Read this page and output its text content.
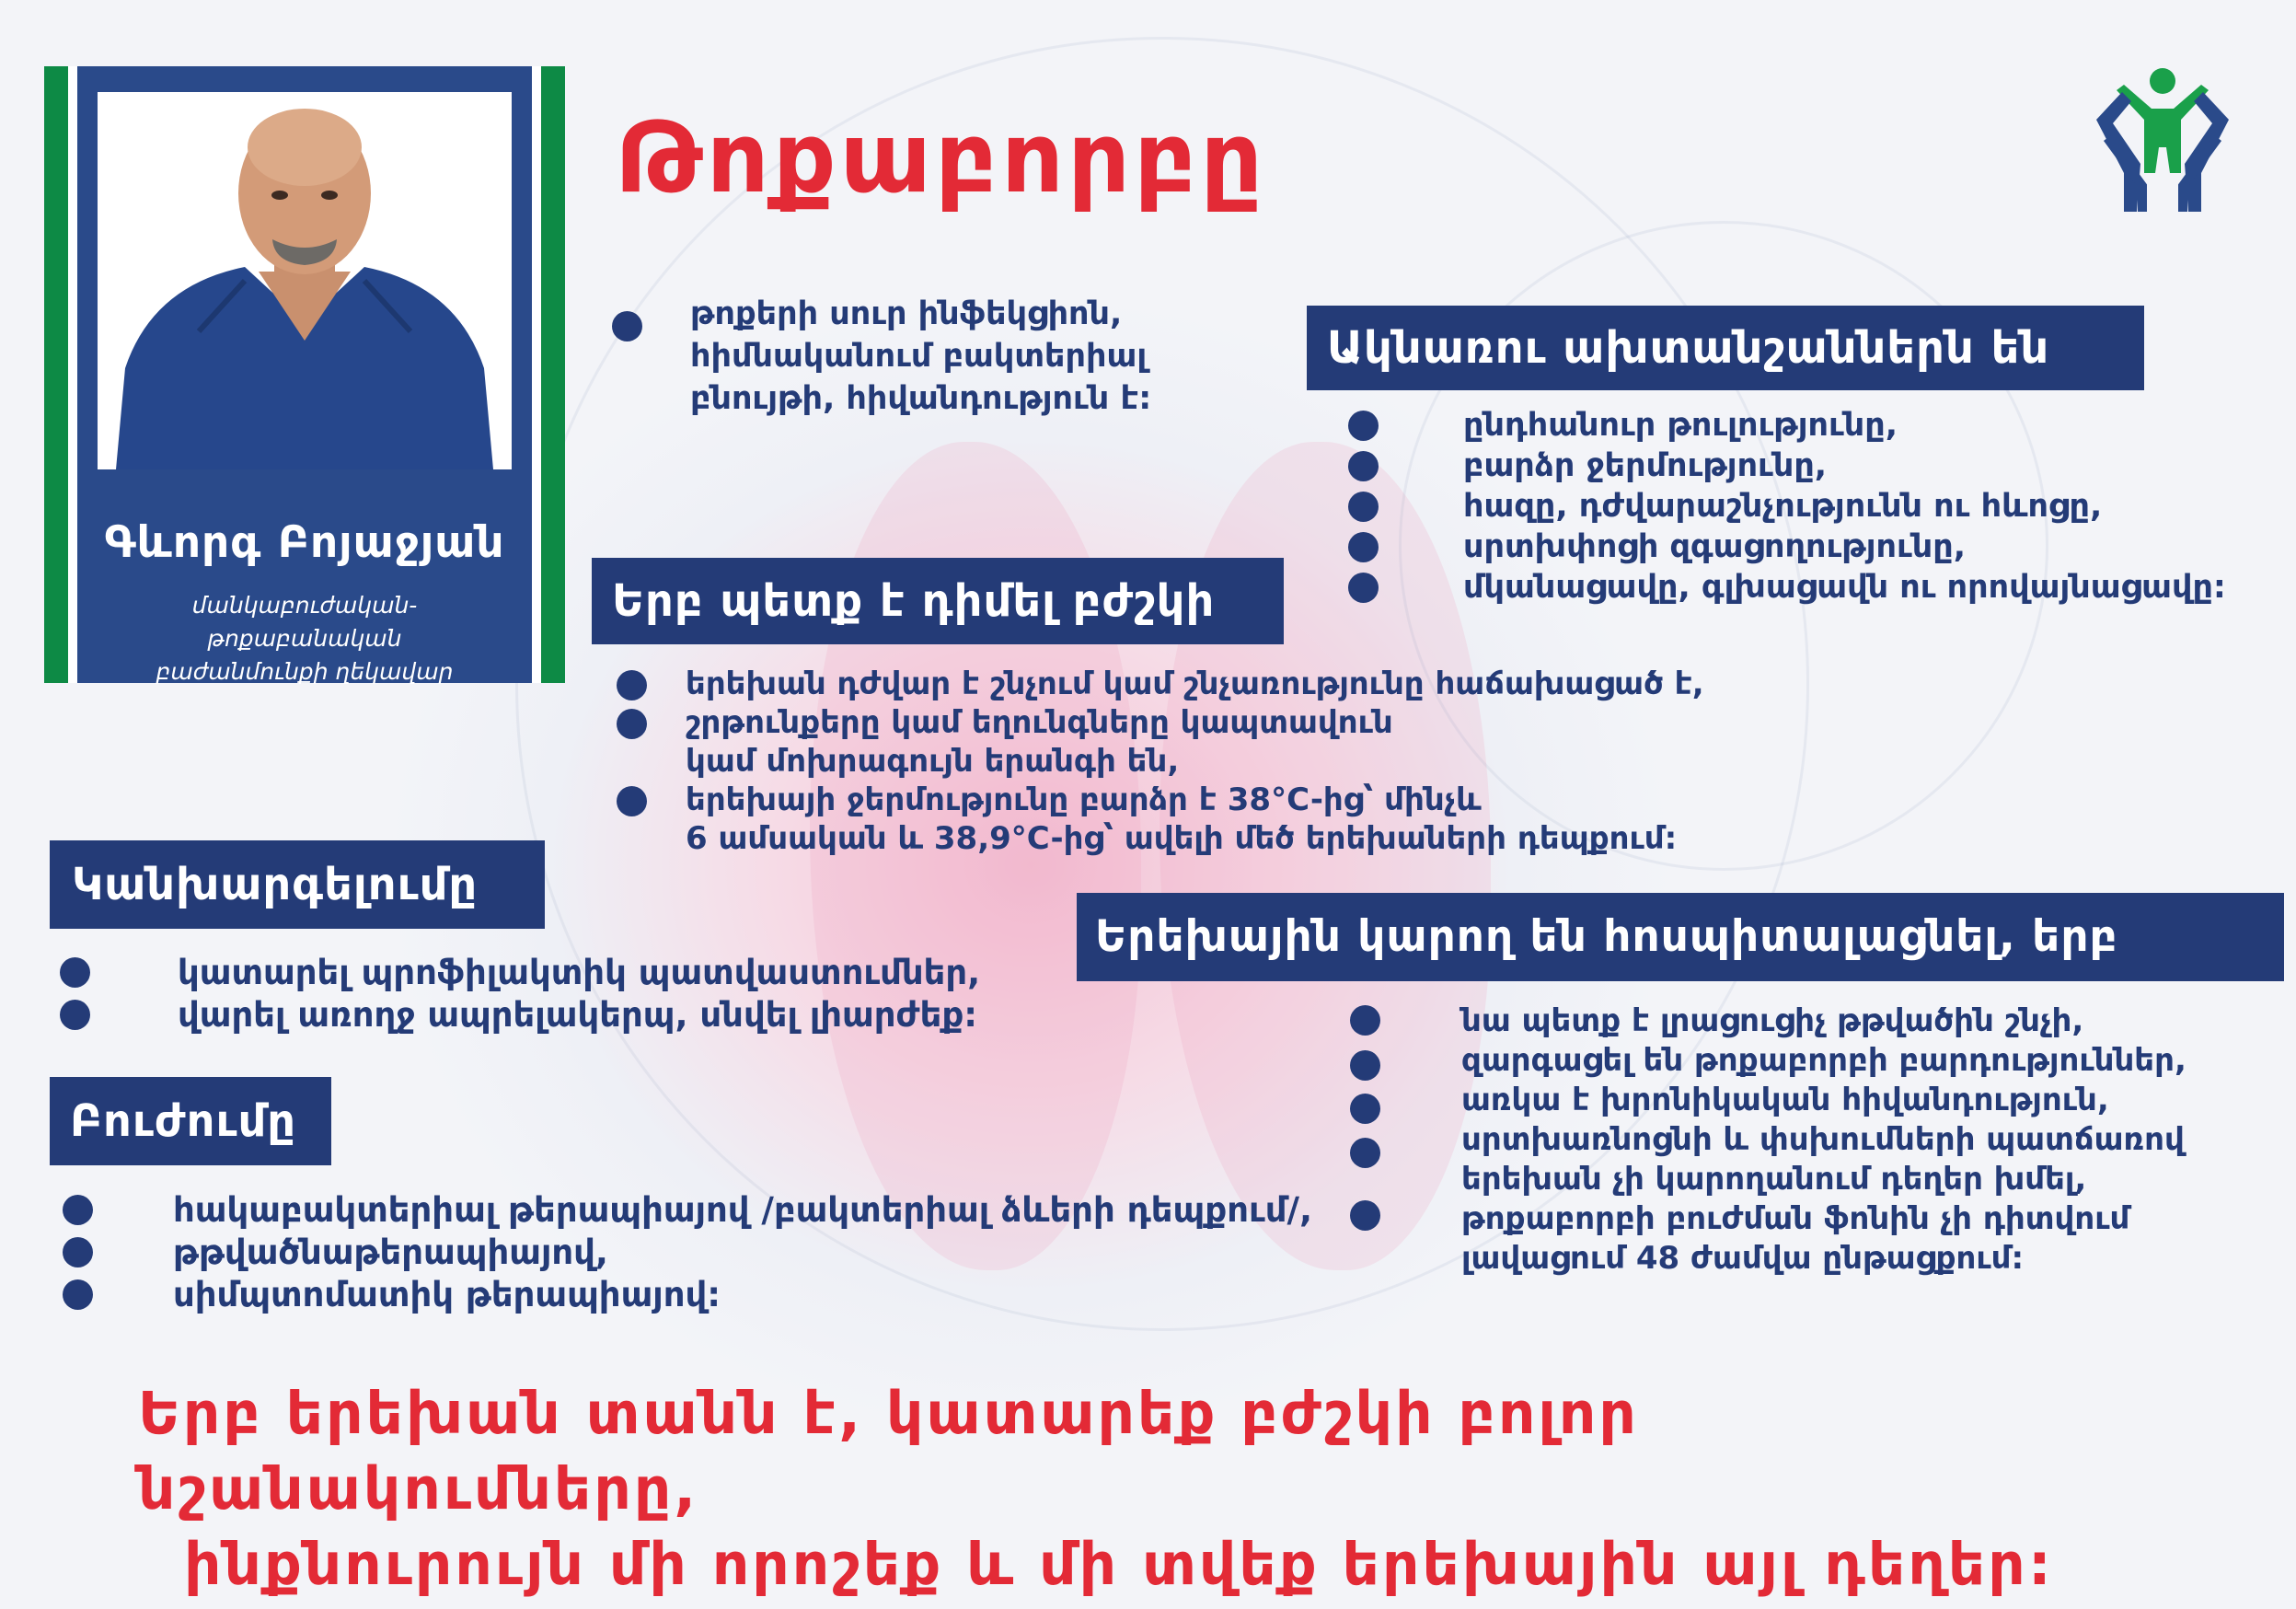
Գևորգ Բոյաջյան
մանկաբուժական-թոքաբանական
բաժանմունքի ղեկավար
Թոքաբորբը
թոքերի սուր ինֆեկցիոն,
հիմնականում բակտերիալ
բնույթի, հիվանդություն է:
Ակնառու ախտանշաններն են
ընդհանուր թուլությունը,
բարձր ջերմությունը,
հազը, դժվարաշնչությունն ու հևոցը,
սրտխփոցի զգացողությունը,
մկանացավը, գլխացավն ու որովայնացավը:
Երբ պետք է դիմել բժշկի
երեխան դժվար է շնչում կամ շնչառությունը հաճախացած է,
շրթունքերը կամ եղունգները կապտավուն
կամ մոխրագույն երանգի են,
երեխայի ջերմությունը բարձր է 38°C-ից՝ մինչև
6 ամսական և 38,9°C-ից՝ ավելի մեծ երեխաների դեպքում:
Կանխարգելումը
կատարել պրոֆիլակտիկ պատվաստումներ,
վարել առողջ ապրելակերպ, սնվել լիարժեք:
Բուժումը
հակաբակտերիալ թերապիայով /բակտերիալ ձևերի դեպքում/,
թթվածնաթերապիայով,
սիմպտոմատիկ թերապիայով:
Երեխային կարող են հոսպիտալացնել, երբ
նա պետք է լրացուցիչ թթվածին շնչի,
զարգացել են թոքաբորբի բարդություններ,
առկա է խրոնիկական հիվանդություն,
սրտխառնոցնի և փսխումների պատճառով
երեխան չի կարողանում դեղեր խմել,
թոքաբորբի բուժման ֆոնին չի դիտվում
լավացում 48 ժամվա ընթացքում:
Երբ երեխան տանն է, կատարեք բժշկի բոլոր նշանակումները,
ինքնուրույն մի որոշեք և մի տվեք երեխային այլ դեղեր:
